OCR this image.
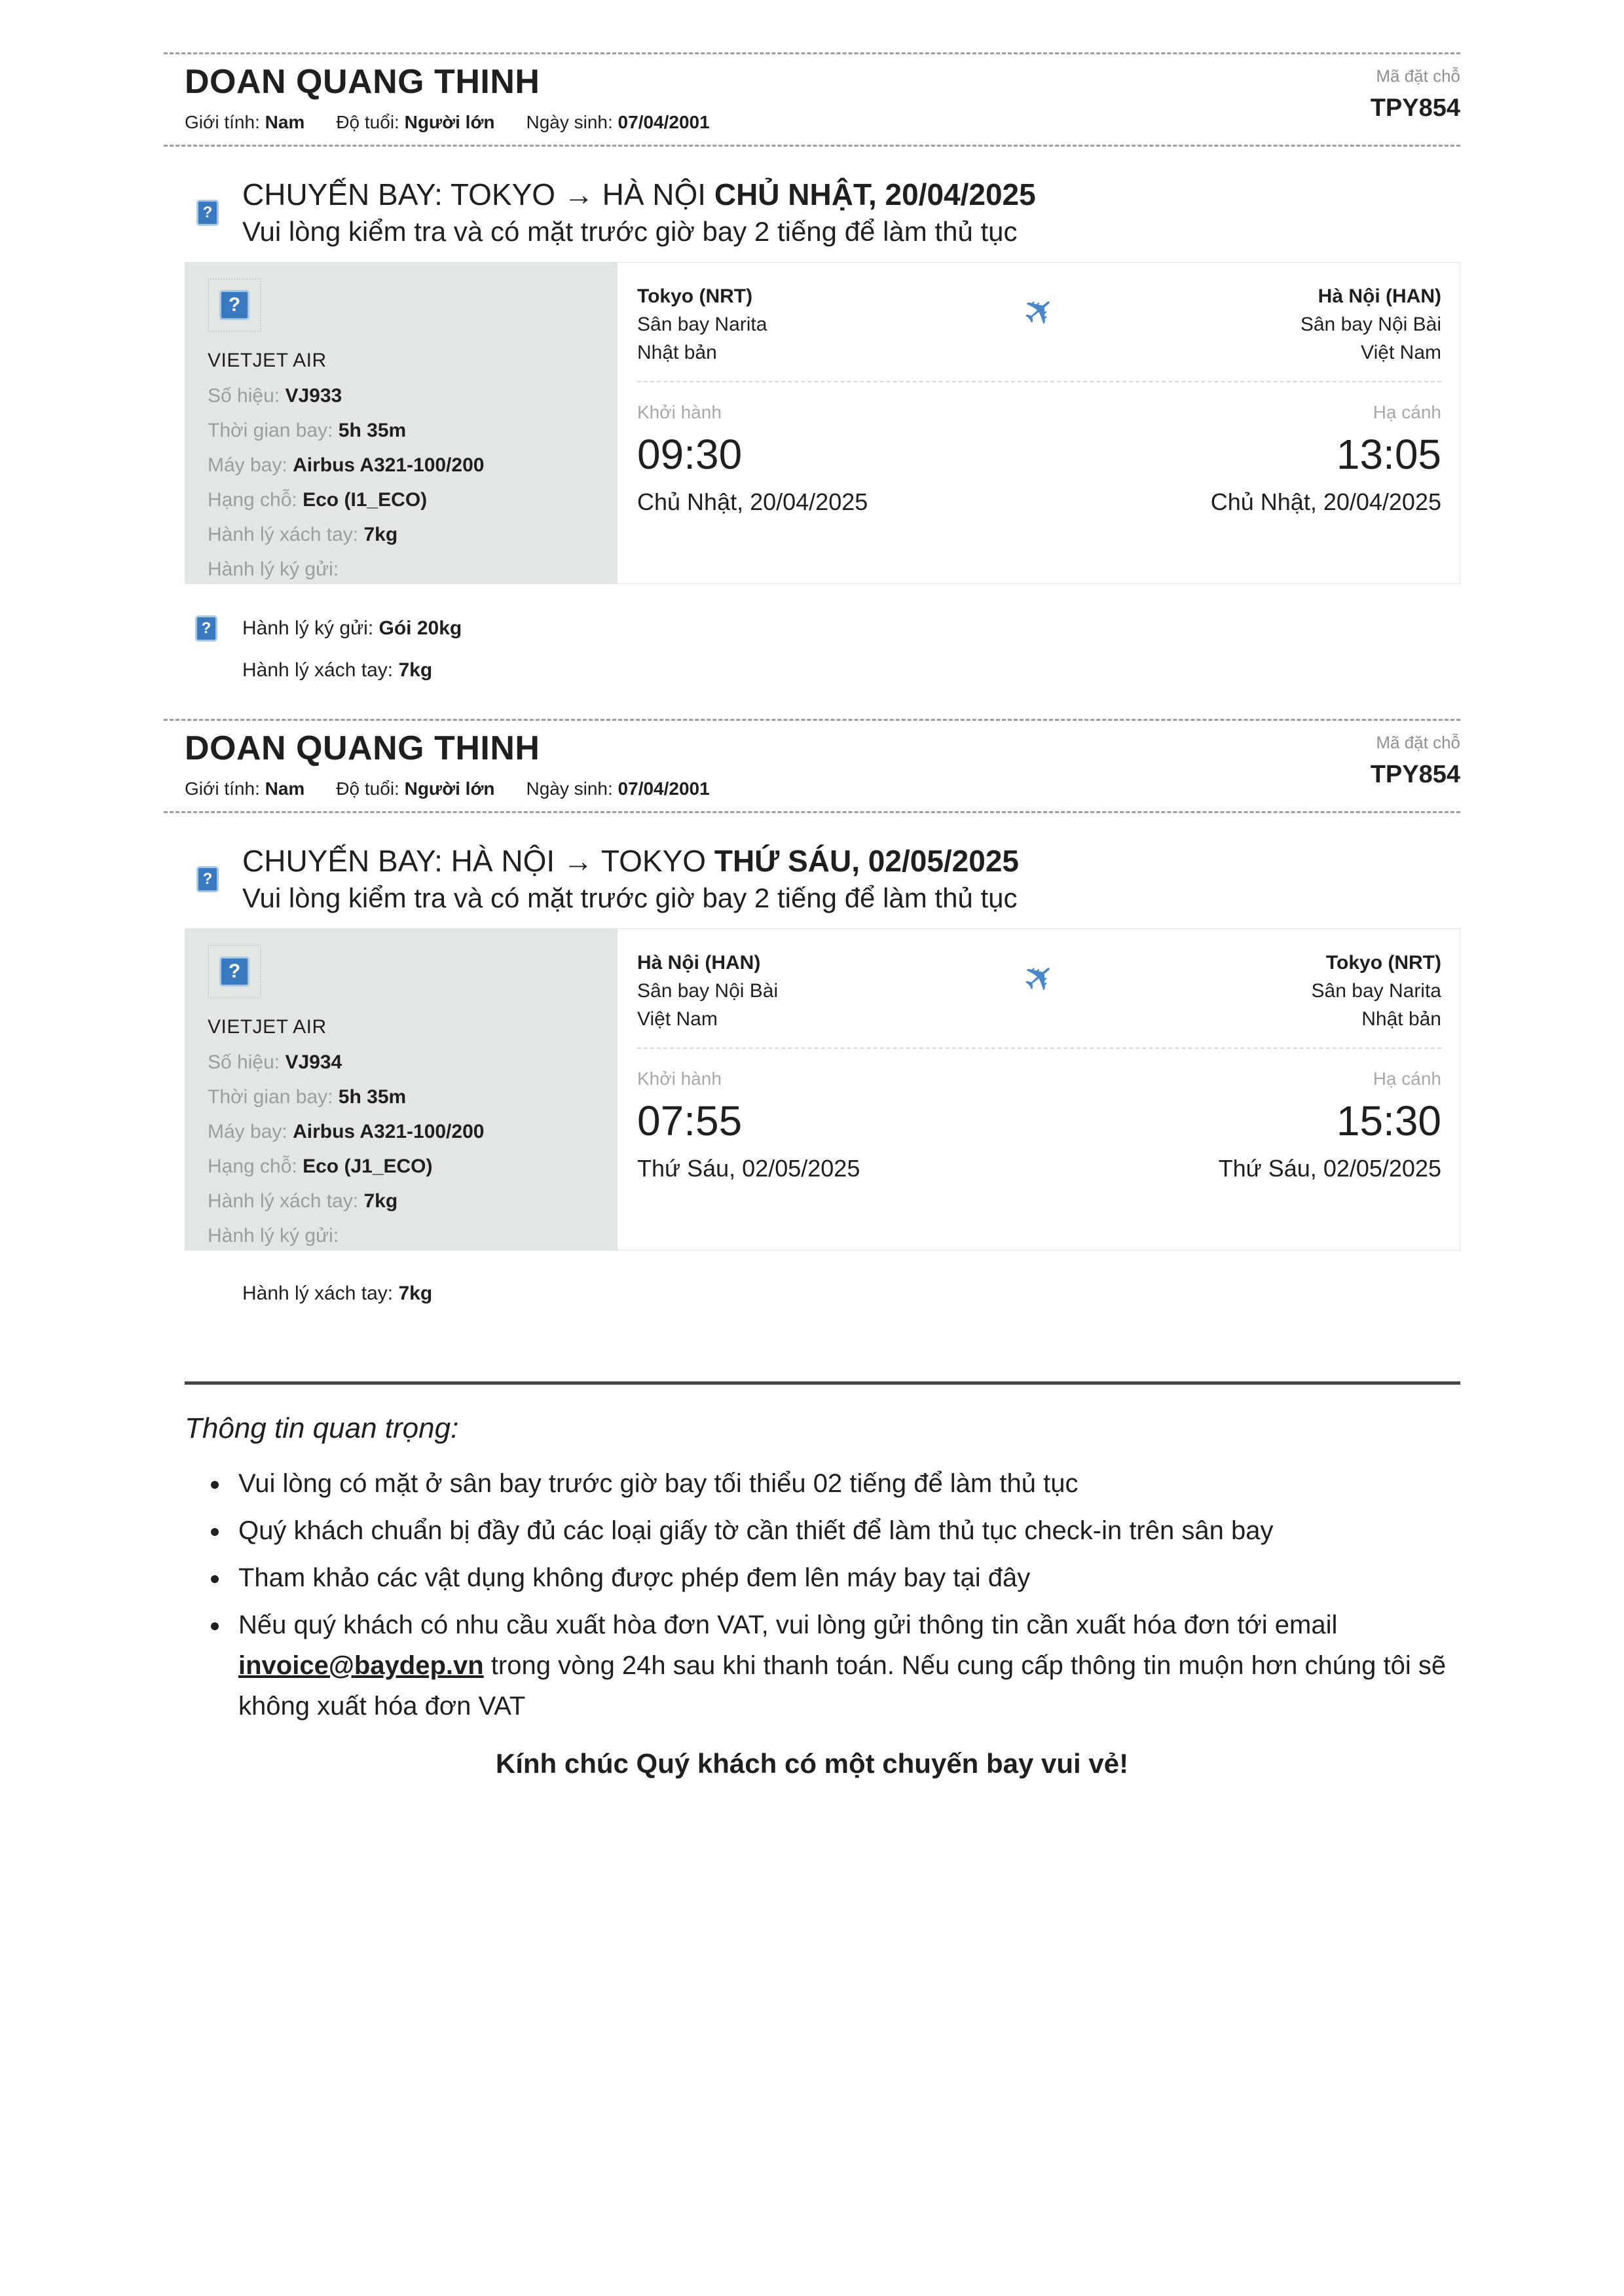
DOAN QUANG THINH
Giới tính: Nam Độ tuổi: Người lớn Ngày sinh: 07/04/2001
Mã đặt chỗ
TPY854
?
CHUYẾN BAY: TOKYO → HÀ NỘI CHỦ NHẬT, 20/04/2025
Vui lòng kiểm tra và có mặt trước giờ bay 2 tiếng để làm thủ tục
?
VIETJET AIR
Số hiệu: VJ933
Thời gian bay: 5h 35m
Máy bay: Airbus A321-100/200
Hạng chỗ: Eco (I1_ECO)
Hành lý xách tay: 7kg
Hành lý ký gửi:
Tokyo (NRT)
Sân bay Narita
Nhật bản
✈	Hà Nội (HAN)
Sân bay Nội Bài
Việt Nam
Khởi hành
09:30
Chủ Nhật, 20/04/2025
Hạ cánh
13:05
Chủ Nhật, 20/04/2025
?	Hành lý ký gửi: Gói 20kg
Hành lý xách tay: 7kg
DOAN QUANG THINH
Giới tính: Nam Độ tuổi: Người lớn Ngày sinh: 07/04/2001
Mã đặt chỗ
TPY854
?
CHUYẾN BAY: HÀ NỘI → TOKYO THỨ SÁU, 02/05/2025
Vui lòng kiểm tra và có mặt trước giờ bay 2 tiếng để làm thủ tục
?
VIETJET AIR
Số hiệu: VJ934
Thời gian bay: 5h 35m
Máy bay: Airbus A321-100/200
Hạng chỗ: Eco (J1_ECO)
Hành lý xách tay: 7kg
Hành lý ký gửi:
Hà Nội (HAN)
Sân bay Nội Bài
Việt Nam
✈	Tokyo (NRT)
Sân bay Narita
Nhật bản
Khởi hành
07:55
Thứ Sáu, 02/05/2025
Hạ cánh
15:30
Thứ Sáu, 02/05/2025
Hành lý xách tay: 7kg
Thông tin quan trọng:
• Vui lòng có mặt ở sân bay trước giờ bay tối thiểu 02 tiếng để làm thủ tục
• Quý khách chuẩn bị đầy đủ các loại giấy tờ cần thiết để làm thủ tục check-in trên sân bay
• Tham khảo các vật dụng không được phép đem lên máy bay tại đây
• Nếu quý khách có nhu cầu xuất hòa đơn VAT, vui lòng gửi thông tin cần xuất hóa đơn tới email invoice@baydep.vn trong vòng 24h sau khi thanh toán. Nếu cung cấp thông tin muộn hơn chúng tôi sẽ không xuất hóa đơn VAT
Kính chúc Quý khách có một chuyến bay vui vẻ!
